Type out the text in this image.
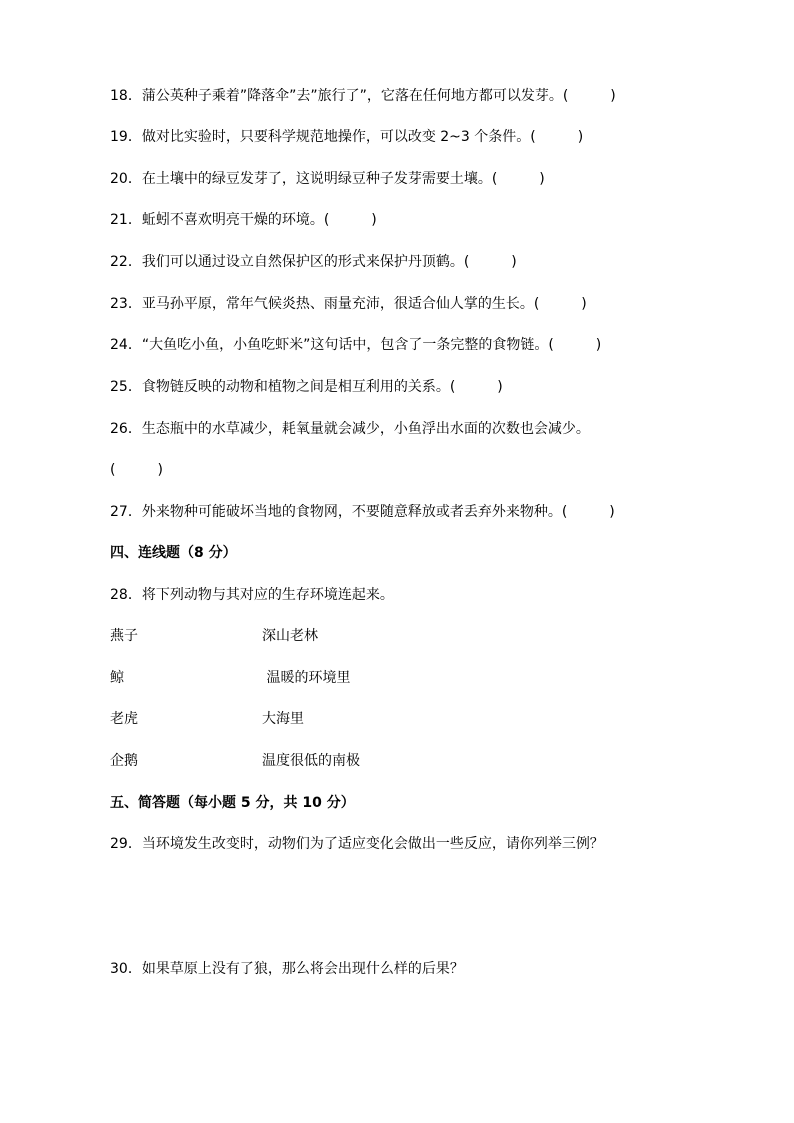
18．蒲公英种子乘着”降落伞”去”旅行了”，它落在任何地方都可以发芽。(	)
19．做对比实验时，只要科学规范地操作，可以改变 2~3 个条件。(	)
20．在土壤中的绿豆发芽了，这说明绿豆种子发芽需要土壤。(	)
21．蚯蚓不喜欢明亮干燥的环境。(	)
22．我们可以通过设立自然保护区的形式来保护丹顶鹤。(	)
23．亚马孙平原，常年气候炎热、雨量充沛，很适合仙人掌的生长。(	)
24．“大鱼吃小鱼，小鱼吃虾米”这句话中，包含了一条完整的食物链。(	)
25．食物链反映的动物和植物之间是相互利用的关系。(	)
26．生态瓶中的水草减少，耗氧量就会减少，小鱼浮出水面的次数也会减少。
(	)
27．外来物种可能破坏当地的食物网，不要随意释放或者丢弃外来物种。(	)
四、连线题（8 分）
28．将下列动物与其对应的生存环境连起来。
燕子	深山老林
鲸	温暖的环境里
老虎	大海里
企鹅	温度很低的南极
五、简答题（每小题 5 分，共 10 分）
29．当环境发生改变时，动物们为了适应变化会做出一些反应，请你列举三例？
30．如果草原上没有了狼，那么将会出现什么样的后果？
